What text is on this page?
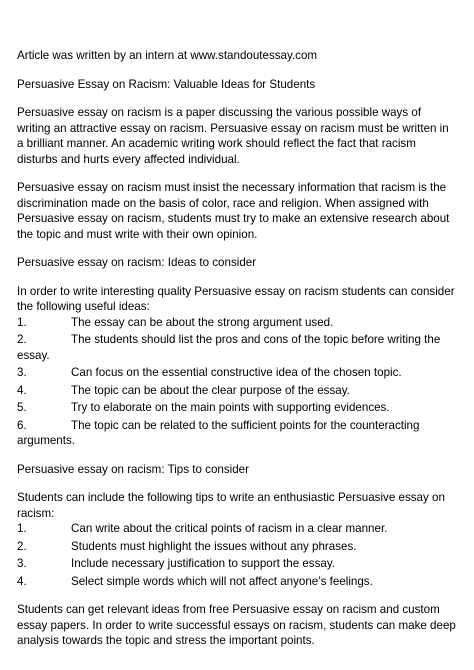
Article was written by an intern at www.standoutessay.com

Persuasive Essay on Racism: Valuable Ideas for Students

Persuasive essay on racism is a paper discussing the various possible ways of writing an attractive essay on racism. Persuasive essay on racism must be written in a brilliant manner. An academic writing work should reflect the fact that racism disturbs and hurts every affected individual.

Persuasive essay on racism must insist the necessary information that racism is the discrimination made on the basis of color, race and religion. When assigned with Persuasive essay on racism, students must try to make an extensive research about the topic and must write with their own opinion.

Persuasive essay on racism: Ideas to consider

In order to write interesting quality Persuasive essay on racism students can consider the following useful ideas:

1.	The essay can be about the strong argument used.
2.	The students should list the pros and cons of the topic before writing the essay.
3.	Can focus on the essential constructive idea of the chosen topic.
4.	The topic can be about the clear purpose of the essay.
5.	Try to elaborate on the main points with supporting evidences.
6.	The topic can be related to the sufficient points for the counteracting arguments.

Persuasive essay on racism: Tips to consider

Students can include the following tips to write an enthusiastic Persuasive essay on racism:

1.	Can write about the critical points of racism in a clear manner.
2.	Students must highlight the issues without any phrases.
3.	Include necessary justification to support the essay.
4.	Select simple words which will not affect anyone’s feelings.

Students can get relevant ideas from free Persuasive essay on racism and custom essay papers. In order to write successful essays on racism, students can make deep analysis towards the topic and stress the important points.
